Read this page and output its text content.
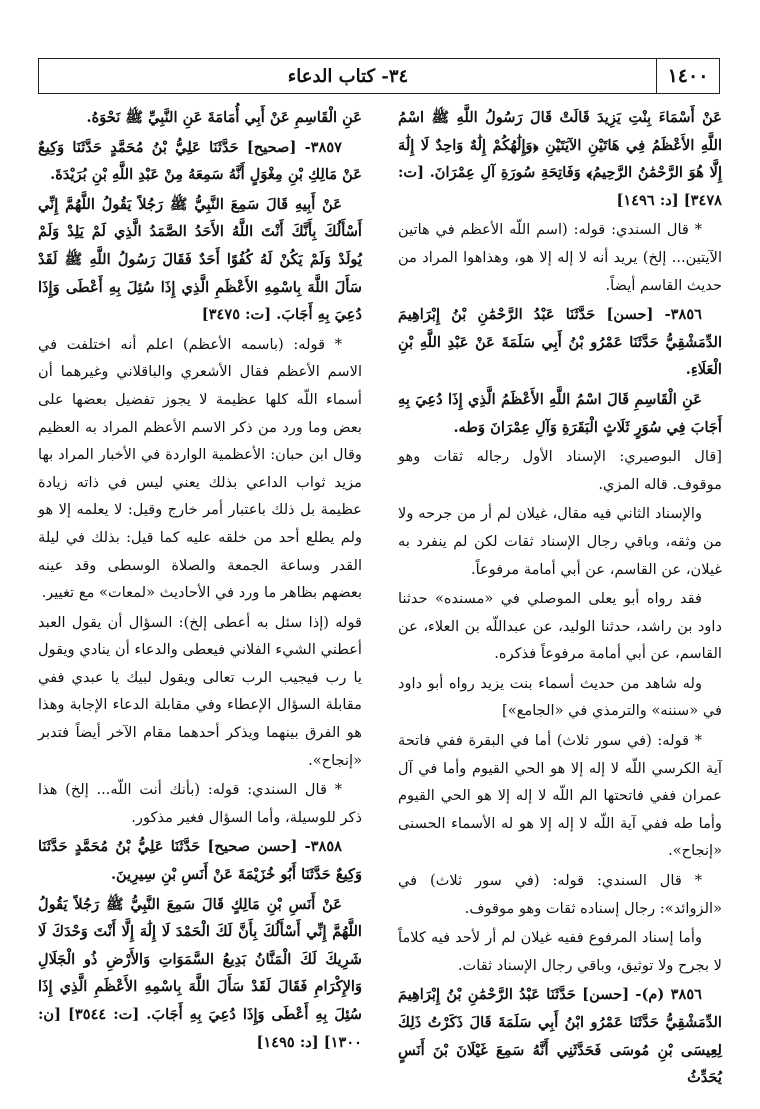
١٤٠٠
٣٤- كتاب الدعاء

عَنْ أَسْمَاءَ بِنْتِ يَزِيدَ قَالَتْ قَالَ رَسُولُ اللَّهِ ﷺ اسْمُ اللَّهِ الأَعْظَمُ فِي هَاتَيْنِ الآيَتَيْنِ ﴿وَإِلَٰهُكُمْ إِلَٰهٌ وَاحِدٌ لَا إِلَٰهَ إِلَّا هُوَ الرَّحْمَٰنُ الرَّحِيمُ﴾ وَفَاتِحَةِ سُورَةِ آلِ عِمْرَانَ. [ت: ٣٤٧٨] [د: ١٤٩٦]

* قال السندي: قوله: (اسم اللّه الأعظم في هاتين الآيتين... إلخ) يريد أنه لا إله إلا هو، وهذاهوا المراد من حديث القاسم أيضاً.

٣٨٥٦- [حسن] حَدَّثَنَا عَبْدُ الرَّحْمَٰنِ بْنُ إِبْرَاهِيمَ الدِّمَشْقِيُّ حَدَّثَنَا عَمْرُو بْنُ أَبِي سَلَمَةَ عَنْ عَبْدِ اللَّهِ بْنِ الْعَلَاءِ.

عَنِ الْقَاسِمِ قَالَ اسْمُ اللَّهِ الأَعْظَمُ الَّذِي إِذَا دُعِيَ بِهِ أَجَابَ فِي سُوَرٍ ثَلَاثٍ الْبَقَرَةِ وَآلِ عِمْرَانَ وَطه.

[قال البوصيري: الإسناد الأول رجاله ثقات وهو موقوف. قاله المزي.

والإسناد الثاني فيه مقال، غيلان لم أر من جرحه ولا من وثقه، وباقي رجال الإسناد ثقات لكن لم ينفرد به غيلان، عن القاسم، عن أبي أمامة مرفوعاً.

فقد رواه أبو يعلى الموصلي في «مسنده» حدثنا داود بن راشد، حدثنا الوليد، عن عبداللّه بن العلاء، عن القاسم، عن أبي أمامة مرفوعاً فذكره.

وله شاهد من حديث أسماء بنت يزيد رواه أبو داود في «سننه» والترمذي في «الجامع»]

* قوله: (في سور ثلاث) أما في البقرة ففي فاتحة آية الكرسي اللّه لا إله إلا هو الحي القيوم وأما في آل عمران ففي فاتحتها الم اللّه لا إله إلا هو الحي القيوم وأما طه ففي آية اللّه لا إله إلا هو له الأسماء الحسنى «إنجاح».

* قال السندي: قوله: (في سور ثلاث) في «الزوائد»: رجال إسناده ثقات وهو موقوف.

وأما إسناد المرفوع ففيه غيلان لم أر لأحد فيه كلاماً لا بجرح ولا توثيق، وباقي رجال الإسناد ثقات.

٣٨٥٦ (م)- [حسن] حَدَّثَنَا عَبْدُ الرَّحْمَٰنِ بْنُ إِبْرَاهِيمَ الدِّمَشْقِيُّ حَدَّثَنَا عَمْرُو ابْنُ أَبِي سَلَمَةَ قَالَ ذَكَرْتُ ذَلِكَ لِعِيسَى بْنِ مُوسَى فَحَدَّثَنِي أَنَّهُ سَمِعَ غَيْلَانَ بْنَ أَنَسٍ يُحَدِّثُ

عَنِ الْقَاسِمِ عَنْ أَبِي أُمَامَةَ عَنِ النَّبِيِّ ﷺ نَحْوَهُ.

٣٨٥٧- [صحيح] حَدَّثَنَا عَلِيُّ بْنُ مُحَمَّدٍ حَدَّثَنَا وَكِيعٌ عَنْ مَالِكِ بْنِ مِغْوَلٍ أَنَّهُ سَمِعَهُ مِنْ عَبْدِ اللَّهِ بْنِ بُرَيْدَةَ.

عَنْ أَبِيهِ قَالَ سَمِعَ النَّبِيُّ ﷺ رَجُلاً يَقُولُ اللَّهُمَّ إِنِّي أَسْأَلُكَ بِأَنَّكَ أَنْتَ اللَّهُ الأَحَدُ الصَّمَدُ الَّذِي لَمْ يَلِدْ وَلَمْ يُولَدْ وَلَمْ يَكُنْ لَهُ كُفُوًا أَحَدٌ فَقَالَ رَسُولُ اللَّهِ ﷺ لَقَدْ سَأَلَ اللَّهَ بِاسْمِهِ الأَعْظَمِ الَّذِي إِذَا سُئِلَ بِهِ أَعْطَى وَإِذَا دُعِيَ بِهِ أَجَابَ. [ت: ٣٤٧٥]

* قوله: (باسمه الأعظم) اعلم أنه اختلفت في الاسم الأعظم فقال الأشعري والباقلاني وغيرهما أن أسماء اللّه كلها عظيمة لا يجوز تفضيل بعضها على بعض وما ورد من ذكر الاسم الأعظم المراد به العظيم وقال ابن حبان: الأعظمية الواردة في الأخبار المراد بها مزيد ثواب الداعي بذلك يعني ليس في ذاته زيادة عظيمة بل ذلك باعتبار أمر خارج وقيل: لا يعلمه إلا هو ولم يطلع أحد من خلقه عليه كما قيل: بذلك في ليلة القدر وساعة الجمعة والصلاة الوسطى وقد عينه بعضهم بظاهر ما ورد في الأحاديث «لمعات» مع تغيير.

قوله (إذا سئل به أعطى إلخ): السؤال أن يقول العبد أعطني الشيء الفلاني فيعطى والدعاء أن ينادي ويقول يا رب فيجيب الرب تعالى ويقول لبيك يا عبدي ففي مقابلة السؤال الإعطاء وفي مقابلة الدعاء الإجابة وهذا هو الفرق بينهما ويذكر أحدهما مقام الآخر أيضاً فتدبر «إنجاح».

* قال السندي: قوله: (بأنك أنت اللّه... إلخ) هذا ذكر للوسيلة، وأما السؤال فغير مذكور.

٣٨٥٨- [حسن صحيح] حَدَّثَنَا عَلِيُّ بْنُ مُحَمَّدٍ حَدَّثَنَا وَكِيعٌ حَدَّثَنَا أَبُو خُزَيْمَةَ عَنْ أَنَسِ بْنِ سِيرِينَ.

عَنْ أَنَسِ بْنِ مَالِكٍ قَالَ سَمِعَ النَّبِيُّ ﷺ رَجُلاً يَقُولُ اللَّهُمَّ إِنِّي أَسْأَلُكَ بِأَنَّ لَكَ الْحَمْدَ لَا إِلَٰهَ إِلَّا أَنْتَ وَحْدَكَ لَا شَرِيكَ لَكَ الْمَنَّانُ بَدِيعُ السَّمَوَاتِ وَالأَرْضِ ذُو الْجَلَالِ وَالإِكْرَامِ فَقَالَ لَقَدْ سَأَلَ اللَّهَ بِاسْمِهِ الأَعْظَمِ الَّذِي إِذَا سُئِلَ بِهِ أَعْطَى وَإِذَا دُعِيَ بِهِ أَجَابَ. [ت: ٣٥٤٤] [ن: ١٣٠٠] [د: ١٤٩٥]
